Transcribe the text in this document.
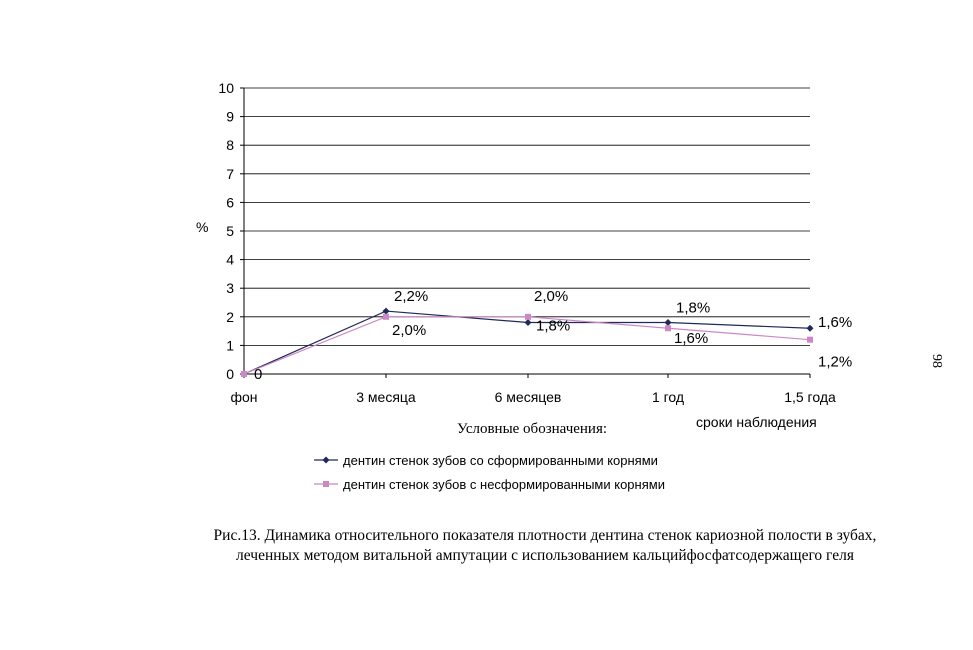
0
1
2
3
4
5
6
7
8
9
10
фон	3 месяца	6 месяцев	1 год	1,5 года
2,2%
1,8%
1,8%
1,6%
0
2,0%
2,0%
1,6%
1,2%
%
сроки наблюдения
Условные обозначения:
дентин стенок зубов со сформированными корнями
дентин стенок зубов с несформированными корнями
Рис.13. Динамика относительного показателя плотности дентина стенок кариозной полости в зубах,
леченных методом витальной ампутации с использованием кальцийфосфатсодержащего геля
98
